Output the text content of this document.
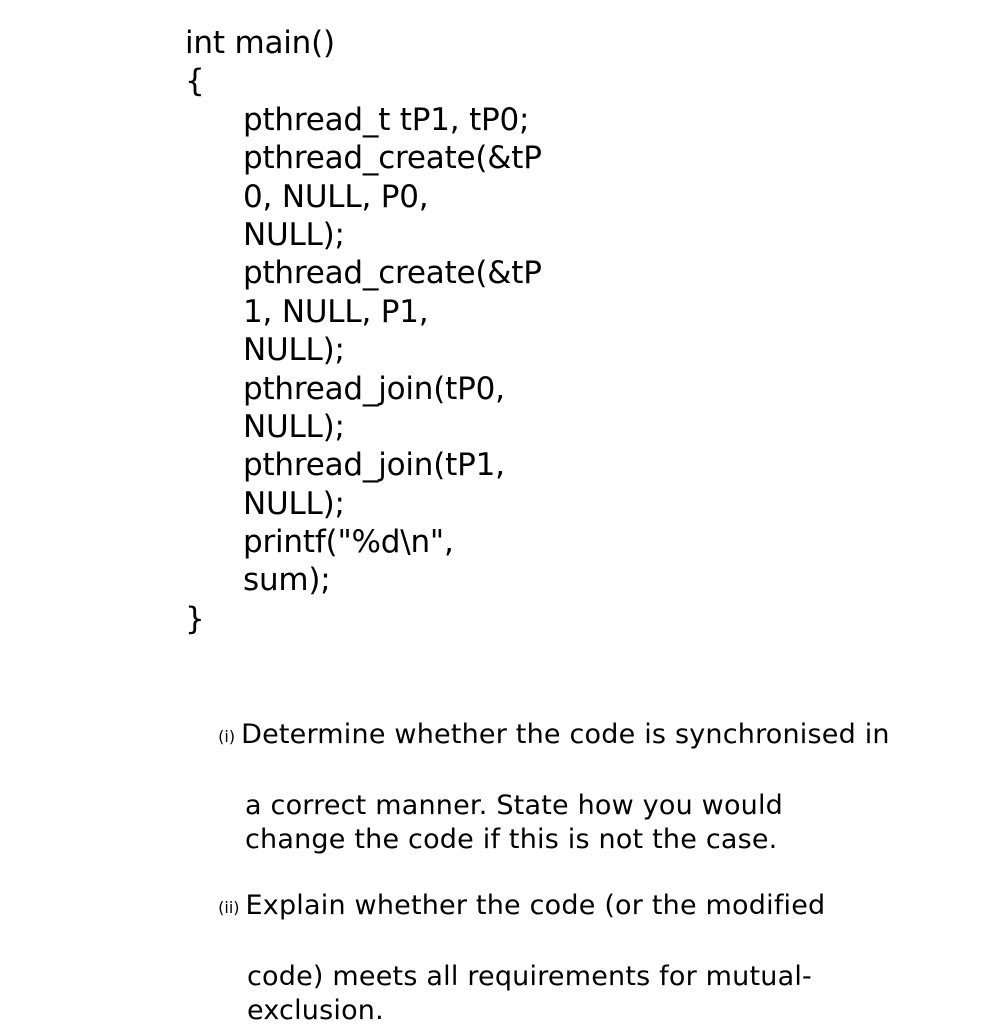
int main()
{
pthread_t tP1, tP0;
pthread_create(&tP
0, NULL, P0,
NULL);
pthread_create(&tP
1, NULL, P1,
NULL);
pthread_join(tP0,
NULL);
pthread_join(tP1,
NULL);
printf("%d\n",
sum);
}

(i) Determine whether the code is synchronised in

a correct manner. State how you would
change the code if this is not the case.

(ii) Explain whether the code (or the modified

code) meets all requirements for mutual-
exclusion.
